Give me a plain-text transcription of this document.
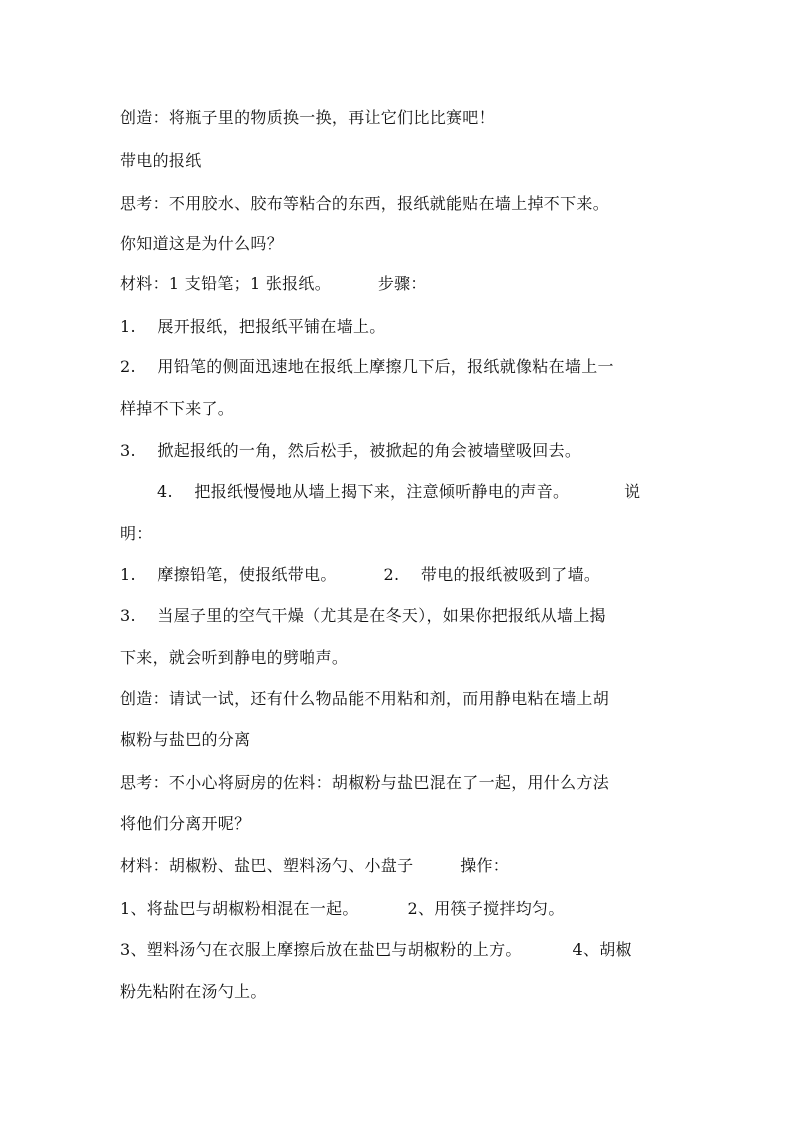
创造：将瓶子里的物质换一换，再让它们比比赛吧！
带电的报纸
思考：不用胶水、胶布等粘合的东西，报纸就能贴在墙上掉不下来。
你知道这是为什么吗？
材料：1 支铅笔；1 张报纸。	步骤：
1.    展开报纸，把报纸平铺在墙上。
2.    用铅笔的侧面迅速地在报纸上摩擦几下后，报纸就像粘在墙上一
样掉不下来了。
3.    掀起报纸的一角，然后松手，被掀起的角会被墙壁吸回去。
4.    把报纸慢慢地从墙上揭下来，注意倾听静电的声音。	说
明：
1.    摩擦铅笔，使报纸带电。	2.    带电的报纸被吸到了墙。
3.    当屋子里的空气干燥（尤其是在冬天），如果你把报纸从墙上揭
下来，就会听到静电的劈啪声。
创造：请试一试，还有什么物品能不用粘和剂，而用静电粘在墙上胡
椒粉与盐巴的分离
思考：不小心将厨房的佐料：胡椒粉与盐巴混在了一起，用什么方法
将他们分离开呢？
材料：胡椒粉、盐巴、塑料汤勺、小盘子	操作：
1、将盐巴与胡椒粉相混在一起。	2、用筷子搅拌均匀。
3、塑料汤勺在衣服上摩擦后放在盐巴与胡椒粉的上方。	4、胡椒
粉先粘附在汤勺上。
